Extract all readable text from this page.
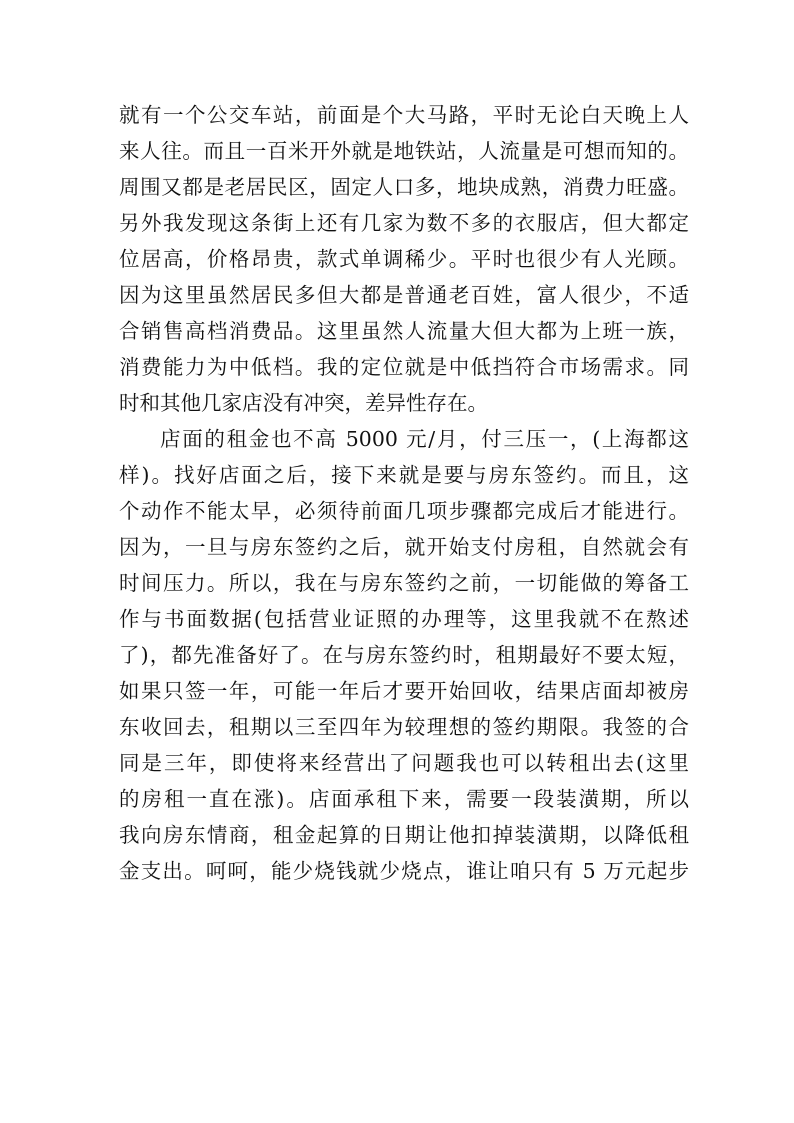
就有一个公交车站，前面是个大马路，平时无论白天晚上人
来人往。而且一百米开外就是地铁站，人流量是可想而知的。
周围又都是老居民区，固定人口多，地块成熟，消费力旺盛。
另外我发现这条街上还有几家为数不多的衣服店，但大都定
位居高，价格昂贵，款式单调稀少。平时也很少有人光顾。
因为这里虽然居民多但大都是普通老百姓，富人很少，不适
合销售高档消费品。这里虽然人流量大但大都为上班一族，
消费能力为中低档。我的定位就是中低挡符合市场需求。同
时和其他几家店没有冲突，差异性存在。
店面的租金也不高 5000 元/月，付三压一，(上海都这
样)。找好店面之后，接下来就是要与房东签约。而且，这
个动作不能太早，必须待前面几项步骤都完成后才能进行。
因为，一旦与房东签约之后，就开始支付房租，自然就会有
时间压力。所以，我在与房东签约之前，一切能做的筹备工
作与书面数据(包括营业证照的办理等，这里我就不在熬述
了)，都先准备好了。在与房东签约时，租期最好不要太短，
如果只签一年，可能一年后才要开始回收，结果店面却被房
东收回去，租期以三至四年为较理想的签约期限。我签的合
同是三年，即使将来经营出了问题我也可以转租出去(这里
的房租一直在涨)。店面承租下来，需要一段装潢期，所以
我向房东情商，租金起算的日期让他扣掉装潢期，以降低租
金支出。呵呵，能少烧钱就少烧点，谁让咱只有 5 万元起步
